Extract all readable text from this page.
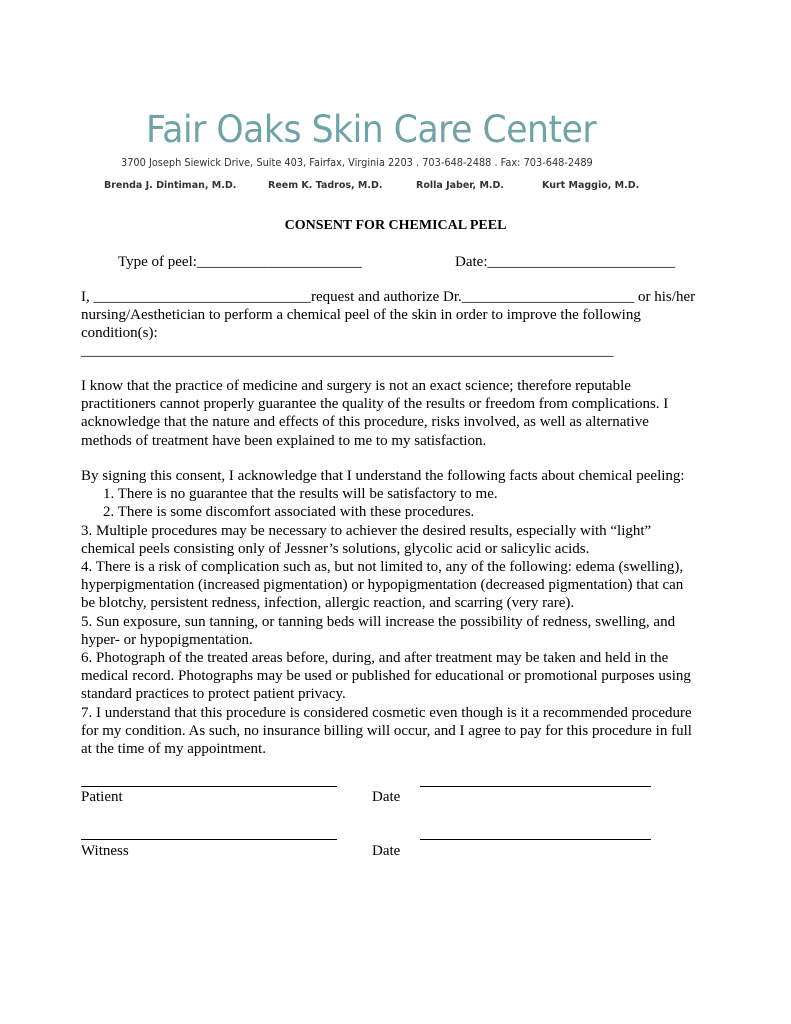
Fair Oaks Skin Care Center
3700 Joseph Siewick Drive, Suite 403, Fairfax, Virginia 2203 . 703-648-2488 . Fax: 703-648-2489
Brenda J. Dintiman, M.D.	Reem K. Tadros, M.D.	Rolla Jaber, M.D.	Kurt Maggio, M.D.
CONSENT FOR CHEMICAL PEEL
Type of peel:______________________	Date:_________________________
I, _____________________________request and authorize Dr._______________________ or his/her
nursing/Aesthetician to perform a chemical peel of the skin in order to improve the following
condition(s):
_______________________________________________________________________
I know that the practice of medicine and surgery is not an exact science; therefore reputable
practitioners cannot properly guarantee the quality of the results or freedom from complications. I
acknowledge that the nature and effects of this procedure, risks involved, as well as alternative
methods of treatment have been explained to me to my satisfaction.
By signing this consent, I acknowledge that I understand the following facts about chemical peeling:
1. There is no guarantee that the results will be satisfactory to me.
2. There is some discomfort associated with these procedures.
3. Multiple procedures may be necessary to achiever the desired results, especially with “light”
chemical peels consisting only of Jessner’s solutions, glycolic acid or salicylic acids.
4. There is a risk of complication such as, but not limited to, any of the following: edema (swelling),
hyperpigmentation (increased pigmentation) or hypopigmentation (decreased pigmentation) that can
be blotchy, persistent redness, infection, allergic reaction, and scarring (very rare).
5. Sun exposure, sun tanning, or tanning beds will increase the possibility of redness, swelling, and
hyper- or hypopigmentation.
6. Photograph of the treated areas before, during, and after treatment may be taken and held in the
medical record. Photographs may be used or published for educational or promotional purposes using
standard practices to protect patient privacy.
7. I understand that this procedure is considered cosmetic even though is it a recommended procedure
for my condition. As such, no insurance billing will occur, and I agree to pay for this procedure in full
at the time of my appointment.
Patient	Date
Witness	Date
